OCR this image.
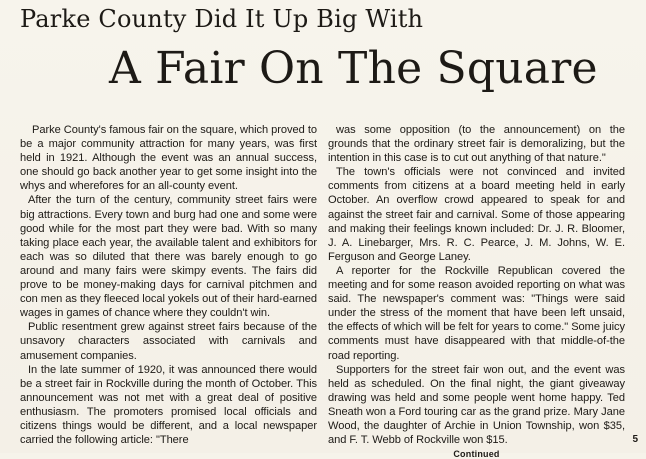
Parke County Did It Up Big With
A Fair On The Square

Parke County's famous fair on the square, which proved to be a major community attraction for many years, was first held in 1921. Although the event was an annual success, one should go back another year to get some insight into the whys and wherefores for an all-county event.

After the turn of the century, community street fairs were big attractions. Every town and burg had one and some were good while for the most part they were bad. With so many taking place each year, the available talent and exhibitors for each was so diluted that there was barely enough to go around and many fairs were skimpy events. The fairs did prove to be money-making days for carnival pitchmen and con men as they fleeced local yokels out of their hard-earned wages in games of chance where they couldn't win.

Public resentment grew against street fairs because of the unsavory characters associated with carnivals and amusement companies.

In the late summer of 1920, it was announced there would be a street fair in Rockville during the month of October. This announcement was not met with a great deal of positive enthusiasm. The promoters promised local officials and citizens things would be different, and a local newspaper carried the following article: "There

was some opposition (to the announcement) on the grounds that the ordinary street fair is demoralizing, but the intention in this case is to cut out anything of that nature."

The town's officials were not convinced and invited comments from citizens at a board meeting held in early October. An overflow crowd appeared to speak for and against the street fair and carnival. Some of those appearing and making their feelings known included: Dr. J. R. Bloomer, J. A. Linebarger, Mrs. R. C. Pearce, J. M. Johns, W. E. Ferguson and George Laney.

A reporter for the Rockville Republican covered the meeting and for some reason avoided reporting on what was said. The newspaper's comment was: "Things were said under the stress of the moment that have been left unsaid, the effects of which will be felt for years to come." Some juicy comments must have disappeared with that middle-of-the road reporting.

Supporters for the street fair won out, and the event was held as scheduled. On the final night, the giant giveaway drawing was held and some people went home happy. Ted Sneath won a Ford touring car as the grand prize. Mary Jane Wood, the daughter of Archie in Union Township, won $35, and F. T. Webb of Rockville won $15.

Continued
5
